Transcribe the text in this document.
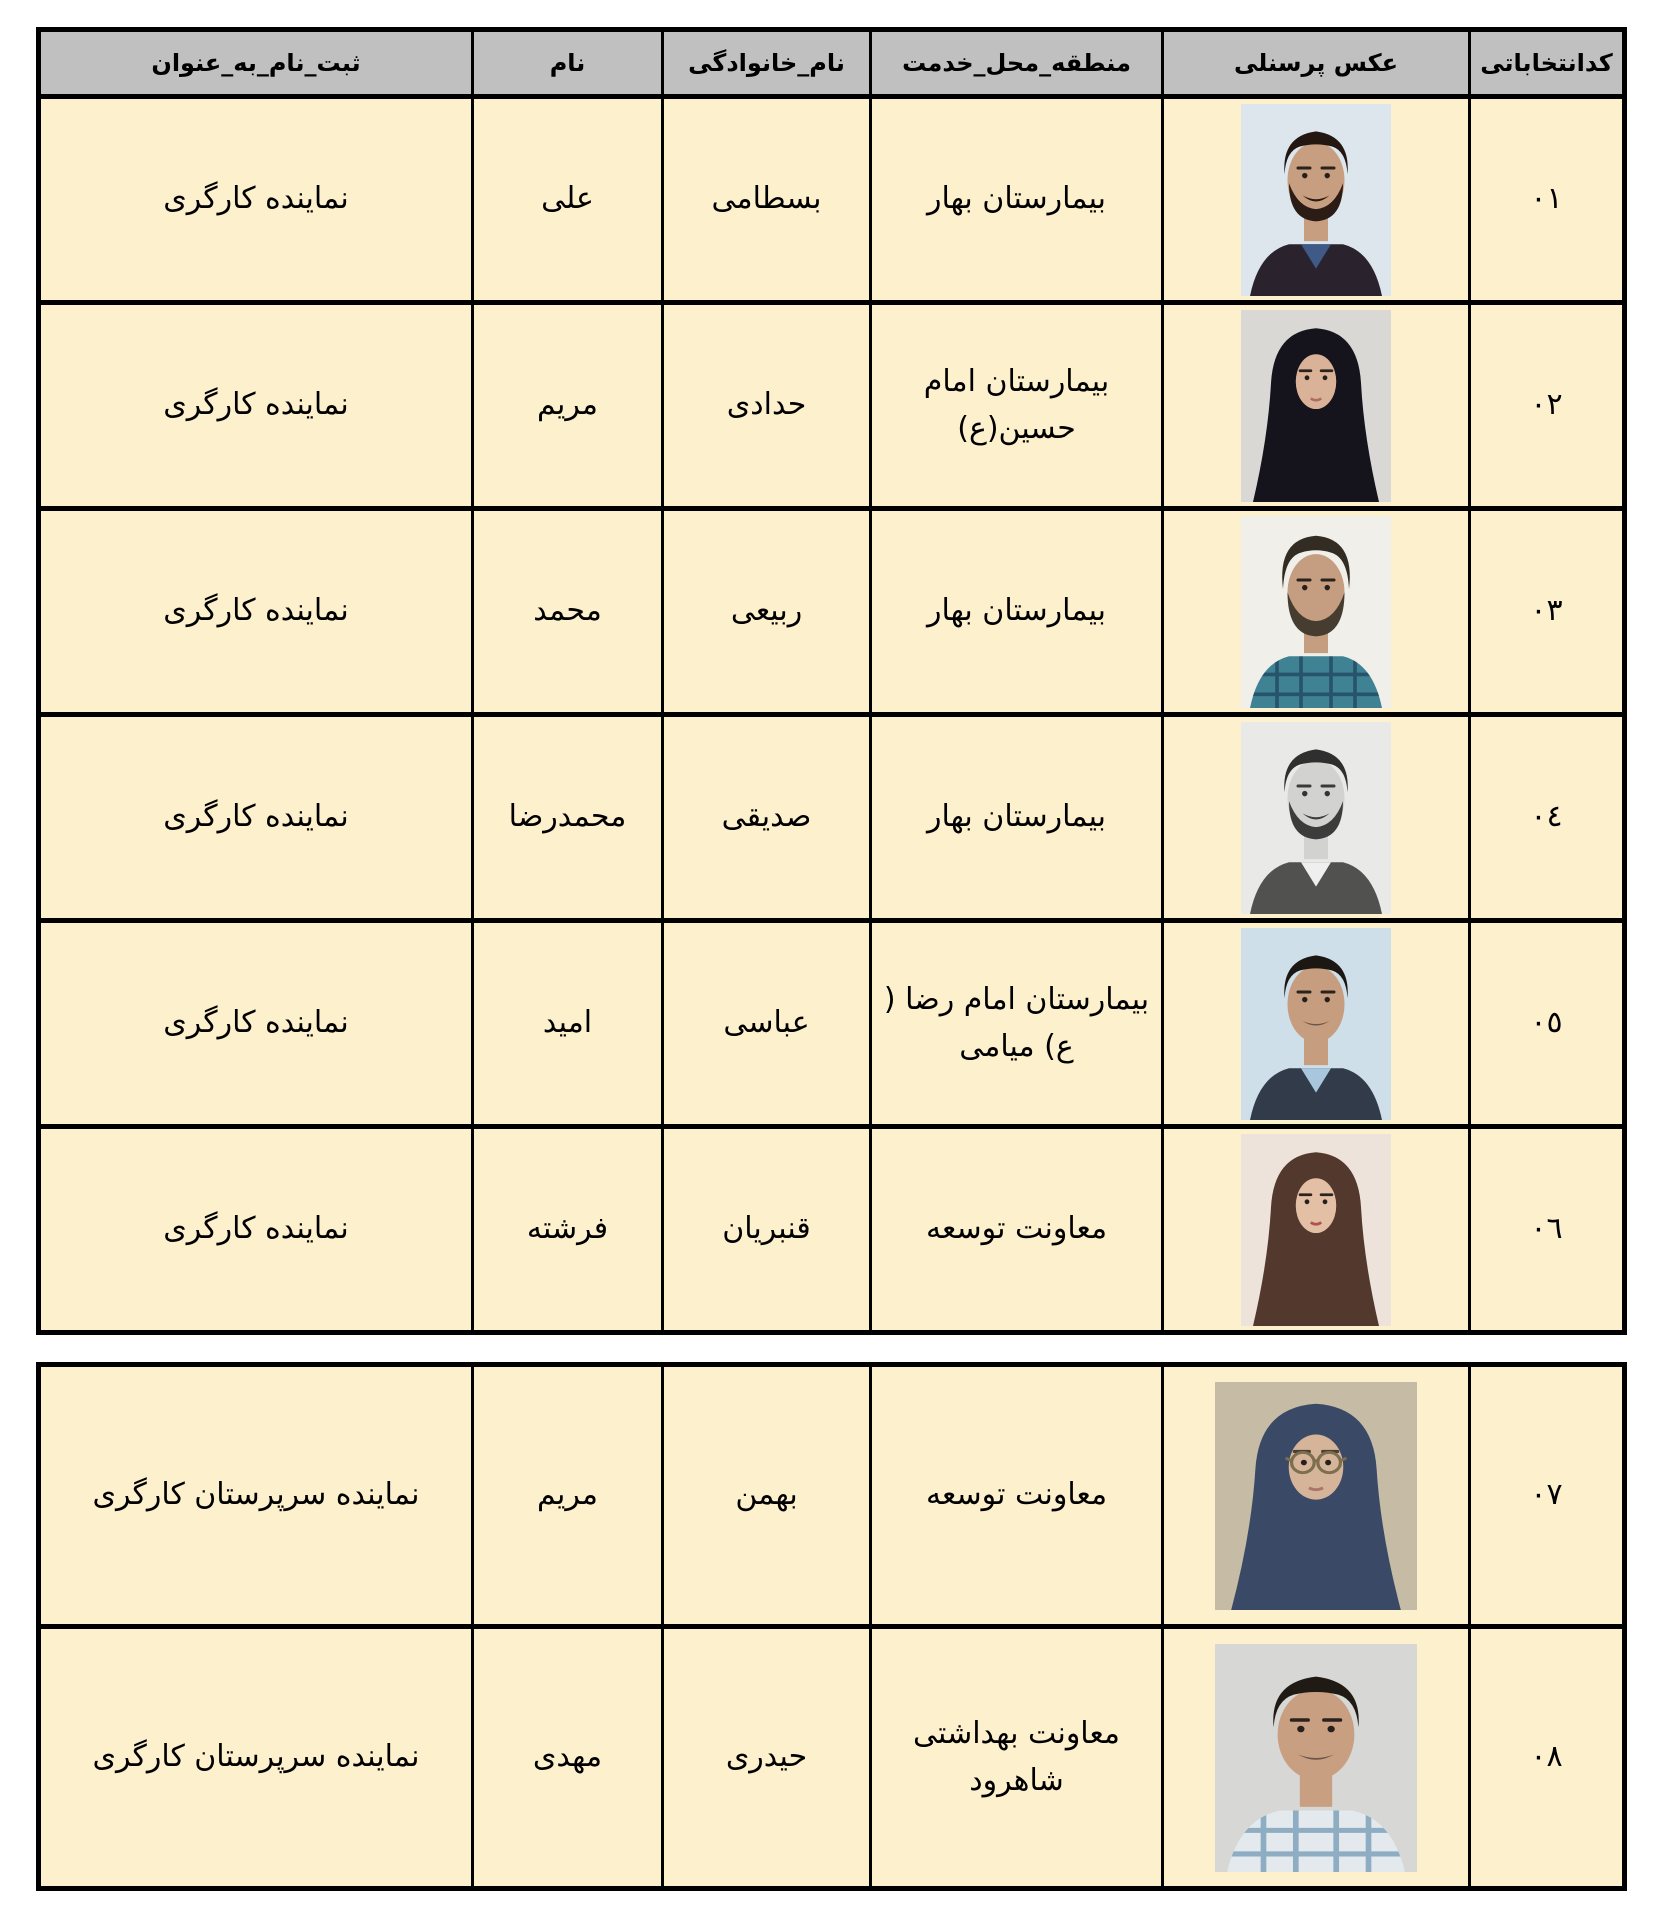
کدانتخاباتی	عکس پرسنلی	منطقه_محل_خدمت	نام_خانوادگی	نام	ثبت_نام_به_عنوان
۰۱		بیمارستان بهار	بسطامی	علی	نماینده کارگری
۰۲		بیمارستان امام حسین(ع)	حدادی	مریم	نماینده کارگری
۰۳		بیمارستان بهار	ربیعی	محمد	نماینده کارگری
۰٤		بیمارستان بهار	صدیقی	محمدرضا	نماینده کارگری
۰٥		بیمارستان امام رضا ( ع) میامی	عباسی	امید	نماینده کارگری
۰٦		معاونت توسعه	قنبریان	فرشته	نماینده کارگری
۰۷		معاونت توسعه	بهمن	مریم	نماینده سرپرستان کارگری
۰۸		معاونت بهداشتی شاهرود	حیدری	مهدی	نماینده سرپرستان کارگری
